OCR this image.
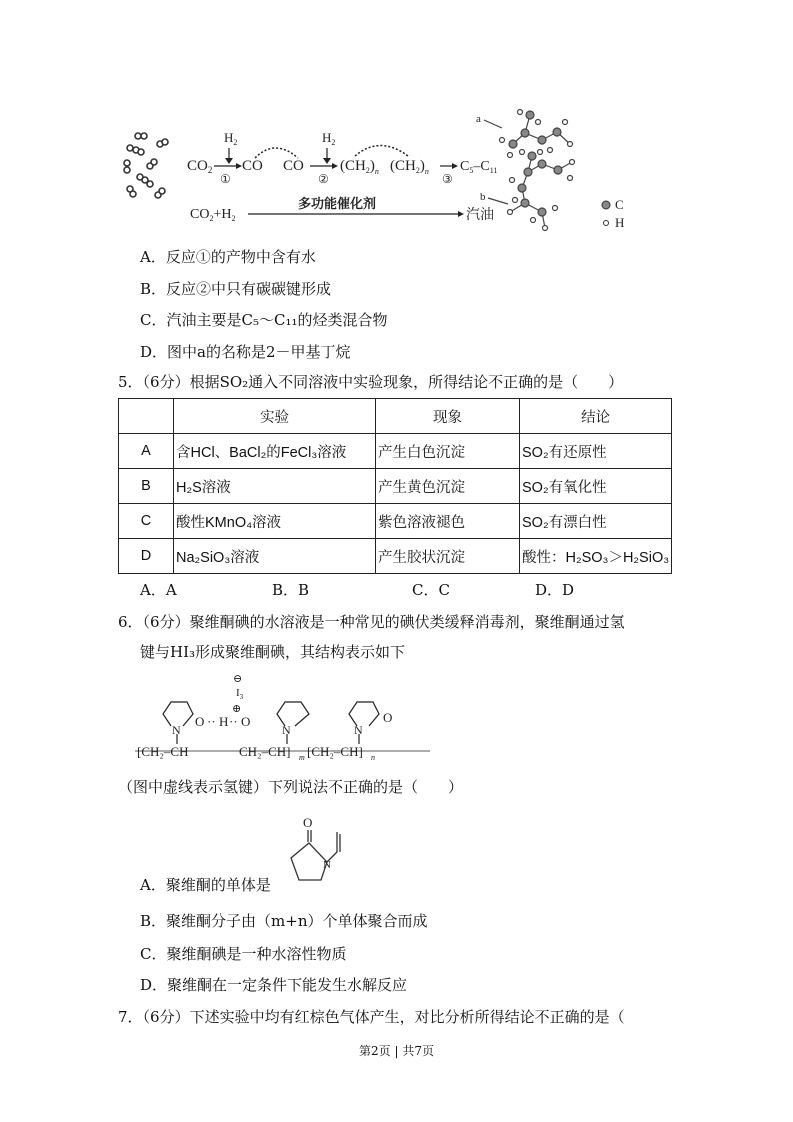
$H_2$
$CO_2$
①
CO CO
$H_2$
②
$(CH_2)_n$ $(CH_2)_n$
③
$C_5-C_{11}$
$CO_2+H_2$
多功能催化剂
汽油
a
b	C
H
A．反应①的产物中含有水
B．反应②中只有碳碳键形成
C．汽油主要是C₅～C₁₁的烃类混合物
D．图中a的名称是2－甲基丁烷
5．（6分）根据SO₂通入不同溶液中实验现象，所得结论不正确的是（　　）
	实验	现象	结论
A	含HCl、BaCl₂的FeCl₃溶液	产生白色沉淀	SO₂有还原性
B	H₂S溶液	产生黄色沉淀	SO₂有氧化性
C	酸性KMnO₄溶液	紫色溶液褪色	SO₂有漂白性
D	Na₂SiO₃溶液	产生胶状沉淀	酸性：H₂SO₃＞H₂SiO₃
A．A	B．B	C．C	D．D
6．（6分）聚维酮碘的水溶液是一种常见的碘伏类缓释消毒剂，聚维酮通过氢
键与HI₃形成聚维酮碘，其结构表示如下
⊖
$I_3$
⊕
N
O ·· H ·· O
N	N
O
[CH₂–CH	CH₂–CH] m [CH₂–CH] n
（图中虚线表示氢键）下列说法不正确的是（　　）
O
N
A．聚维酮的单体是
B．聚维酮分子由（m+n）个单体聚合而成
C．聚维酮碘是一种水溶性物质
D．聚维酮在一定条件下能发生水解反应
7．（6分）下述实验中均有红棕色气体产生，对比分析所得结论不正确的是（
第2页 | 共7页
